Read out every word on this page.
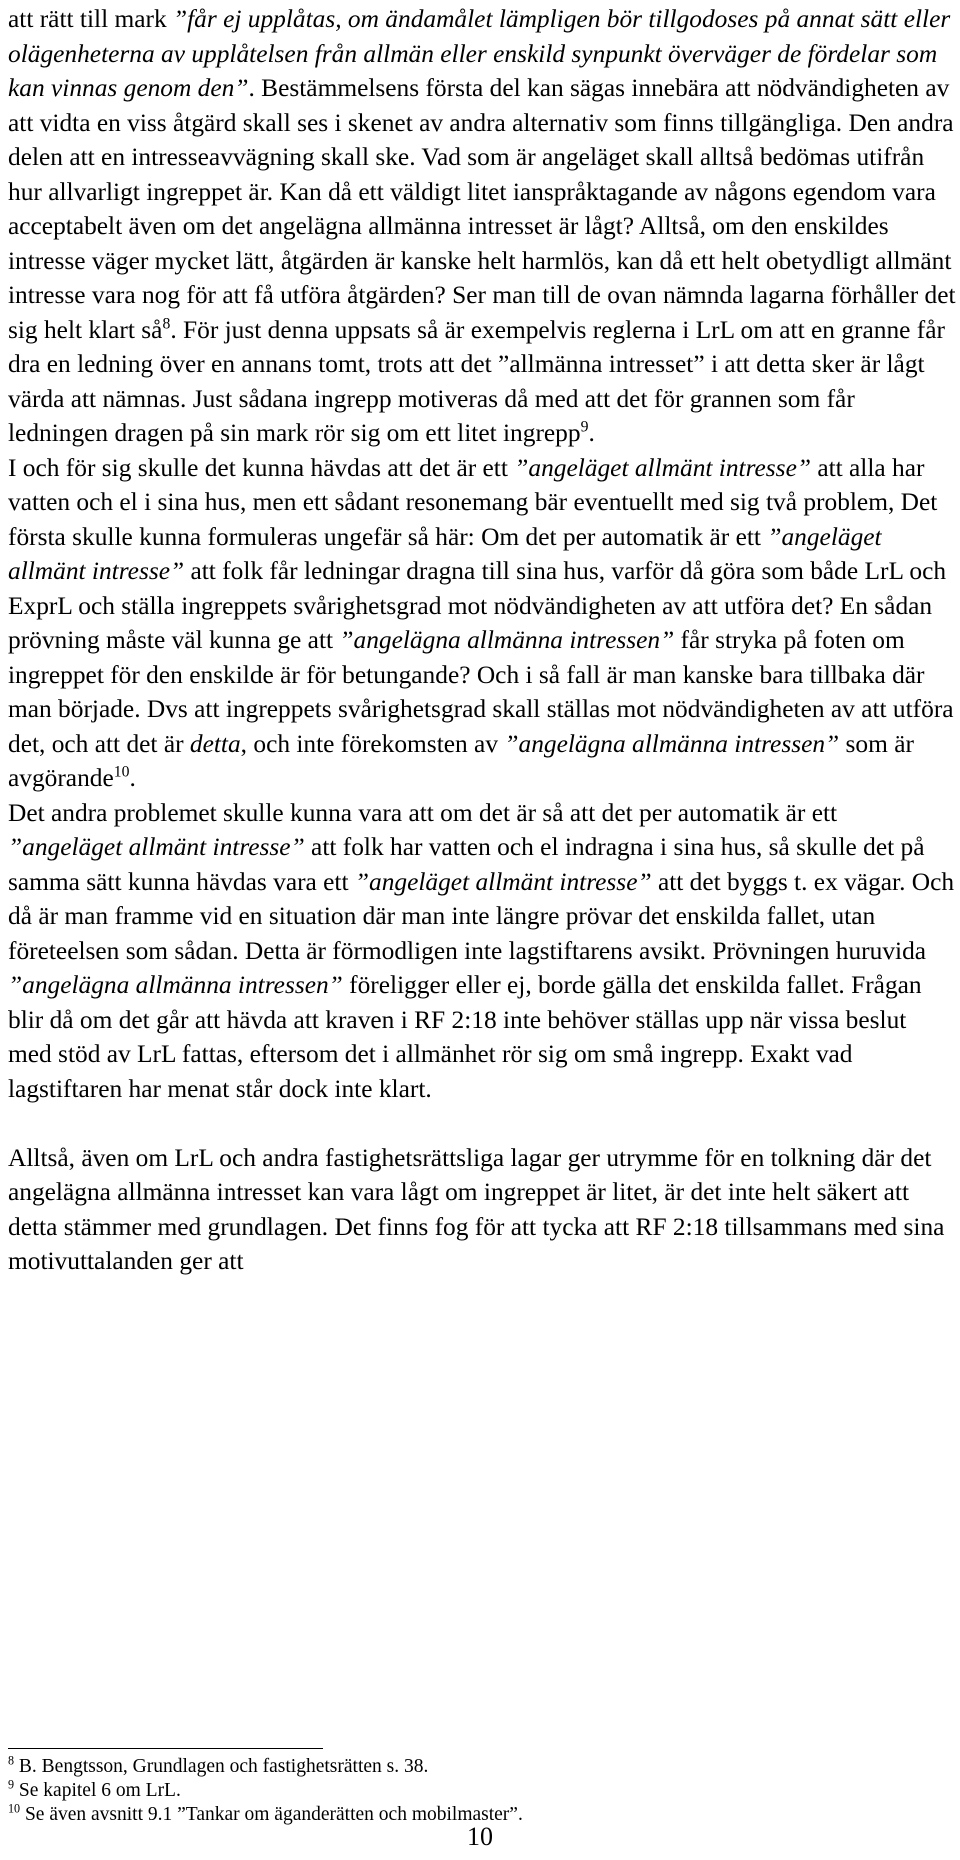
att rätt till mark ”får ej upplåtas, om ändamålet lämpligen bör tillgodoses på annat sätt eller olägenheterna av upplåtelsen från allmän eller enskild synpunkt överväger de fördelar som kan vinnas genom den”. Bestämmelsens första del kan sägas innebära att nödvändigheten av att vidta en viss åtgärd skall ses i skenet av andra alternativ som finns tillgängliga. Den andra delen att en intresseavvägning skall ske. Vad som är angeläget skall alltså bedömas utifrån hur allvarligt ingreppet är. Kan då ett väldigt litet ianspråktagande av någons egendom vara acceptabelt även om det angelägna allmänna intresset är lågt? Alltså, om den enskildes intresse väger mycket lätt, åtgärden är kanske helt harmlös, kan då ett helt obetydligt allmänt intresse vara nog för att få utföra åtgärden? Ser man till de ovan nämnda lagarna förhåller det sig helt klart $så^8$. För just denna uppsats så är exempelvis reglerna i LrL om att en granne får dra en ledning över en annans tomt, trots att det ”allmänna intresset” i att detta sker är lågt värda att nämnas. Just sådana ingrepp motiveras då med att det för grannen som får ledningen dragen på sin mark rör sig om ett litet ingrepp$^9$.

I och för sig skulle det kunna hävdas att det är ett ”angeläget allmänt intresse” att alla har vatten och el i sina hus, men ett sådant resonemang bär eventuellt med sig två problem, Det första skulle kunna formuleras ungefär så här: Om det per automatik är ett ”angeläget allmänt intresse” att folk får ledningar dragna till sina hus, varför då göra som både LrL och ExprL och ställa ingreppets svårighetsgrad mot nödvändigheten av att utföra det? En sådan prövning måste väl kunna ge att ”angelägna allmänna intressen” får stryka på foten om ingreppet för den enskilde är för betungande? Och i så fall är man kanske bara tillbaka där man började. Dvs att ingreppets svårighetsgrad skall ställas mot nödvändigheten av att utföra det, och att det är detta, och inte förekomsten av ”angelägna allmänna intressen” som är avgörande$^{10}$.

Det andra problemet skulle kunna vara att om det är så att det per automatik är ett ”angeläget allmänt intresse” att folk har vatten och el indragna i sina hus, så skulle det på samma sätt kunna hävdas vara ett ”angeläget allmänt intresse” att det byggs t. ex vägar. Och då är man framme vid en situation där man inte längre prövar det enskilda fallet, utan företeelsen som sådan. Detta är förmodligen inte lagstiftarens avsikt. Prövningen huruvida ”angelägna allmänna intressen” föreligger eller ej, borde gälla det enskilda fallet. Frågan blir då om det går att hävda att kraven i RF 2:18 inte behöver ställas upp när vissa beslut med stöd av LrL fattas, eftersom det i allmänhet rör sig om små ingrepp. Exakt vad lagstiftaren har menat står dock inte klart.

Alltså, även om LrL och andra fastighetsrättsliga lagar ger utrymme för en tolkning där det angelägna allmänna intresset kan vara lågt om ingreppet är litet, är det inte helt säkert att detta stämmer med grundlagen. Det finns fog för att tycka att RF 2:18 tillsammans med sina motivuttalanden ger att

$^8$ B. Bengtsson, Grundlagen och fastighetsrätten s. 38.

$^9$ Se kapitel 6 om LrL.

$^{10}$ Se även avsnitt 9.1 ”Tankar om äganderätten och mobilmaster”.

10
